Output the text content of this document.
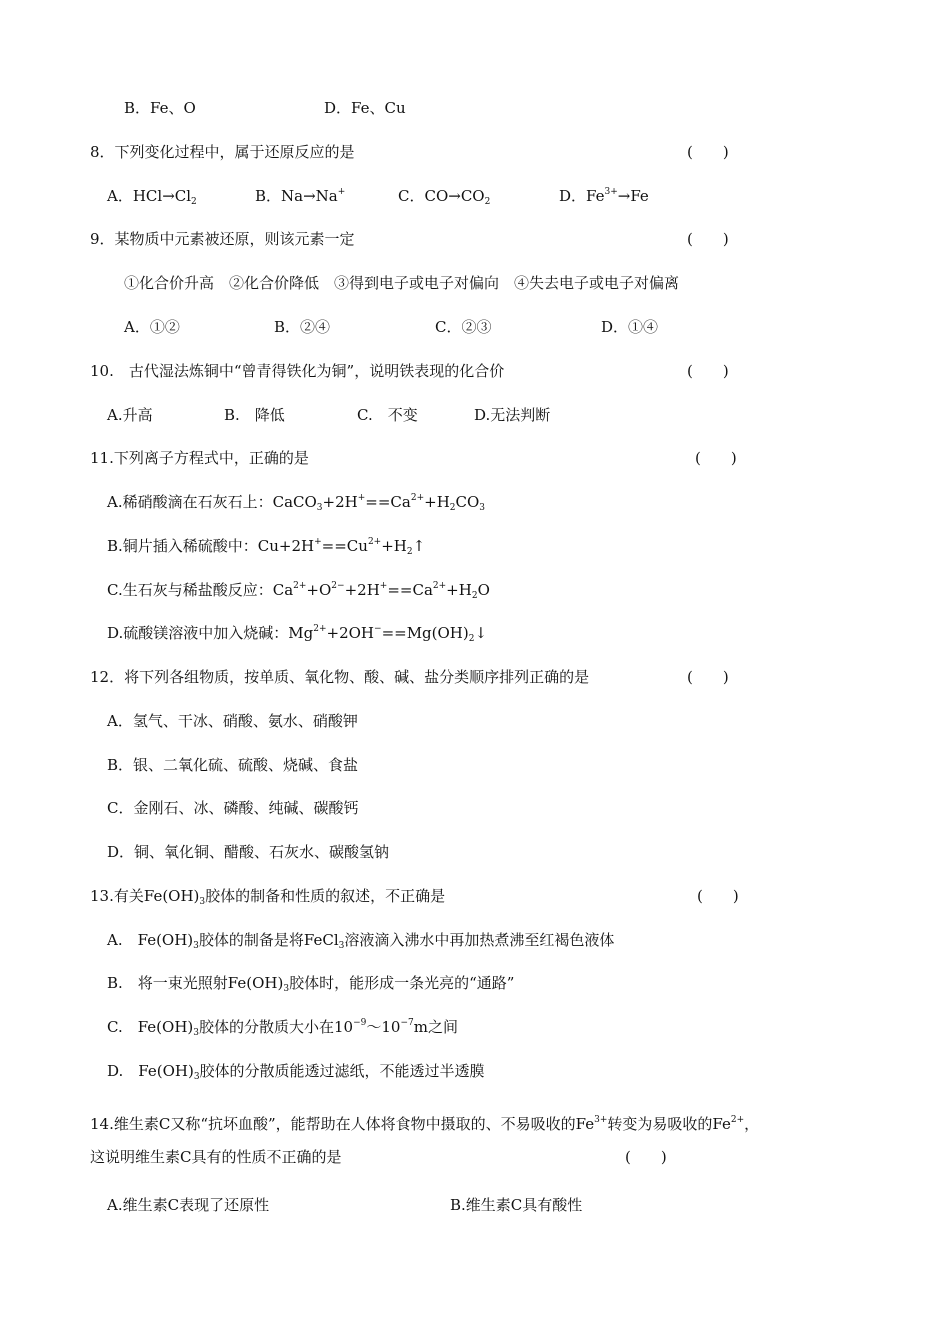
B．Fe、O	D．Fe、Cu
8．下列变化过程中，属于还原反应的是	(　　)
A．$HCl\to Cl_2$	B．Na→Na+	C．$CO\to CO_2$	D．$Fe^{3+}\to Fe$
9．某物质中元素被还原，则该元素一定	(　　)
①化合价升高　②化合价降低　③得到电子或电子对偏向　④失去电子或电子对偏离
A．①②	B．②④	C．②③	D．①④
10.　古代湿法炼铜中“曾青得铁化为铜”，说明铁表现的化合价	(　　)
A.升高	B.　降低	C.　不变	D.无法判断
11.下列离子方程式中，正确的是	(　　)
A.稀硝酸滴在石灰石上：$CaCO_3+2H^+==Ca^{2+}+H_2CO_3$
B.铜片插入稀硫酸中：$Cu+2H^+==Cu^{2+}+H_2↑$
C.生石灰与稀盐酸反应：$Ca^{2+}+O^{2-}+2H^+==Ca^{2+}+H_2O$
D.硫酸镁溶液中加入烧碱：$Mg^{2+}+2OH^-==Mg(OH)_2↓$
12．将下列各组物质，按单质、氧化物、酸、碱、盐分类顺序排列正确的是	(　　)
A．氢气、干冰、硝酸、氨水、硝酸钾
B．银、二氧化硫、硫酸、烧碱、食盐
C．金刚石、冰、磷酸、纯碱、碳酸钙
D．铜、氧化铜、醋酸、石灰水、碳酸氢钠
13.有关$Fe(OH)_3$胶体的制备和性质的叙述，不正确是	(　　)
A.　$Fe(OH)_3$胶体的制备是将FeCl$_3$溶液滴入沸水中再加热煮沸至红褐色液体
B.　将一束光照射$Fe(OH)_3$胶体时，能形成一条光亮的“通路”
C.　$Fe(OH)_3$胶体的分散质大小在$10^{-9}\sim 10^{-7}m$之间
D.　$Fe(OH)_3$胶体的分散质能透过滤纸，不能透过半透膜
14.维生素C又称“抗坏血酸”，能帮助在人体将食物中摄取的、不易吸收的$Fe^{3+}$转变为易吸收的$Fe^{2+}$，
这说明维生素C具有的性质不正确的是	(　　)
A.维生素C表现了还原性	B.维生素C具有酸性
